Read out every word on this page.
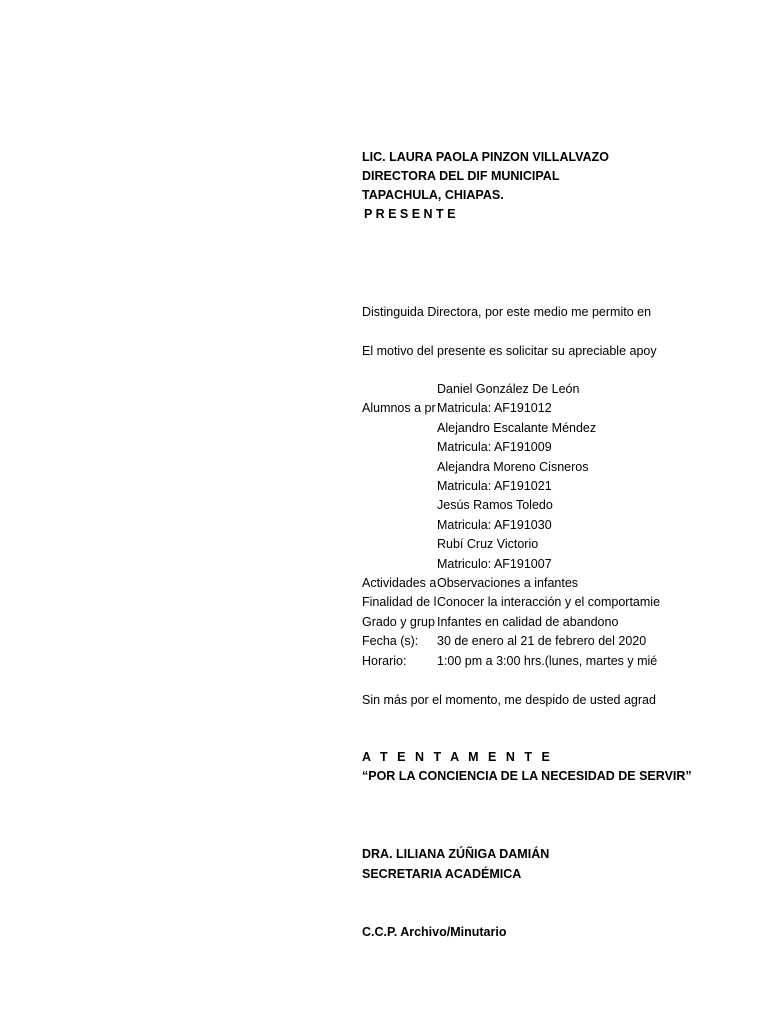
LIC. LAURA PAOLA PINZON VILLALVAZO
DIRECTORA DEL DIF MUNICIPAL
TAPACHULA, CHIAPAS.
P R E S E N T E
Distinguida Directora, por este medio me permito en
El motivo del presente es solicitar su apreciable apoy
Daniel González De León
Alumnos a pr Matricula: AF191012
Alejandro Escalante Méndez
Matricula: AF191009
Alejandra Moreno Cisneros
Matricula: AF191021
Jesús Ramos Toledo
Matricula: AF191030
Rubí Cruz Victorio
Matriculo: AF191007
Actividades a Observaciones a infantes
Finalidad de l Conocer la interacción y el comportamie
Grado y grup Infantes en calidad de abandono
Fecha (s):	30 de enero al 21 de febrero del 2020
Horario:	1:00 pm a 3:00 hrs.(lunes, martes y mié
Sin más por el momento, me despido de usted agrad
A T E N T A M E N T E
“POR LA CONCIENCIA DE LA NECESIDAD DE SERVIR”
DRA. LILIANA ZÚÑIGA DAMIÁN
SECRETARIA ACADÉMICA
C.C.P. Archivo/Minutario
